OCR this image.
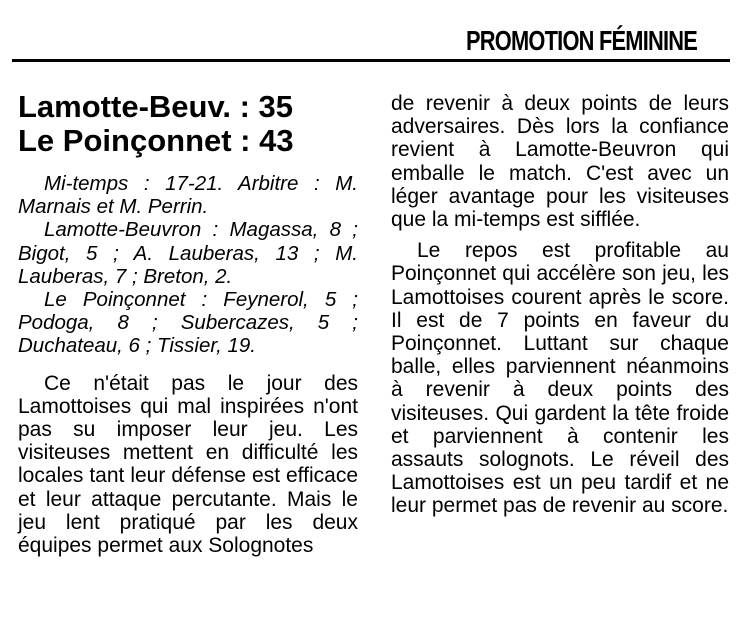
PROMOTION FÉMININE
Lamotte-Beuv. : 35
Le Poinçonnet : 43

Mi-temps : 17-21. Arbitre : M. Marnais et M. Perrin.

Lamotte-Beuvron : Magassa, 8 ; Bigot, 5 ; A. Lauberas, 13 ; M. Lauberas, 7 ; Breton, 2.

Le Poinçonnet : Feynerol, 5 ; Podoga, 8 ; Subercazes, 5 ; Duchateau, 6 ; Tissier, 19.

Ce n'était pas le jour des Lamottoises qui mal inspirées n'ont pas su imposer leur jeu. Les visiteuses mettent en difficulté les locales tant leur défense est efficace et leur attaque percutante. Mais le jeu lent pratiqué par les deux équipes permet aux Solognotes

de revenir à deux points de leurs adversaires. Dès lors la confiance revient à Lamotte-Beuvron qui emballe le match. C'est avec un léger avantage pour les visiteuses que la mi-temps est sifflée.

Le repos est profitable au Poinçonnet qui accélère son jeu, les Lamottoises courent après le score. Il est de 7 points en faveur du Poinçonnet. Luttant sur chaque balle, elles parviennent néanmoins à revenir à deux points des visiteuses. Qui gardent la tête froide et parviennent à contenir les assauts solognots. Le réveil des Lamottoises est un peu tardif et ne leur permet pas de revenir au score.
